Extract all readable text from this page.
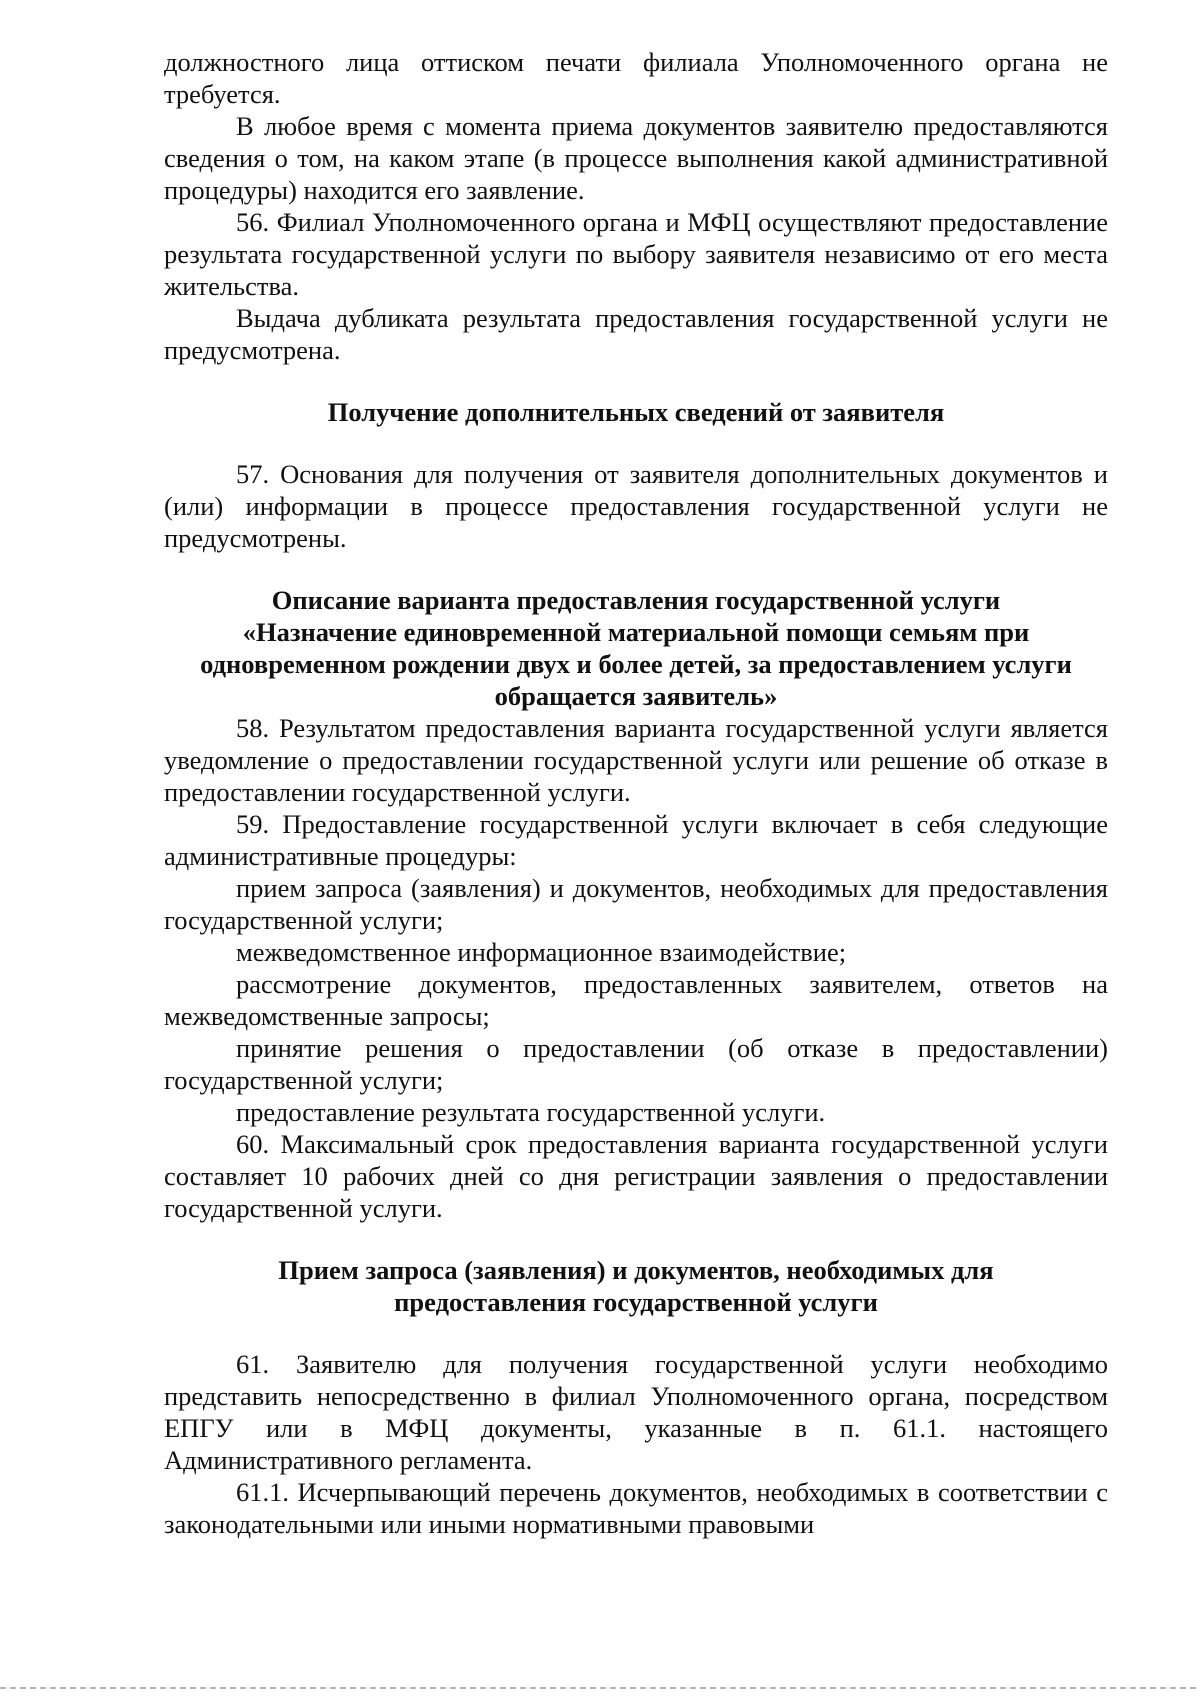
должностного лица оттиском печати филиала Уполномоченного органа не требуется.

В любое время с момента приема документов заявителю предоставляются сведения о том, на каком этапе (в процессе выполнения какой административной процедуры) находится его заявление.

56. Филиал Уполномоченного органа и МФЦ осуществляют предоставление результата государственной услуги по выбору заявителя независимо от его места жительства.

Выдача дубликата результата предоставления государственной услуги не предусмотрена.

Получение дополнительных сведений от заявителя

57. Основания для получения от заявителя дополнительных документов и (или) информации в процессе предоставления государственной услуги не предусмотрены.

Описание варианта предоставления государственной услуги
«Назначение единовременной материальной помощи семьям при
одновременном рождении двух и более детей, за предоставлением услуги
обращается заявитель»

58. Результатом предоставления варианта государственной услуги является уведомление о предоставлении государственной услуги или решение об отказе в предоставлении государственной услуги.

59. Предоставление государственной услуги включает в себя следующие административные процедуры:

прием запроса (заявления) и документов, необходимых для предоставления государственной услуги;

межведомственное информационное взаимодействие;

рассмотрение документов, предоставленных заявителем, ответов на межведомственные запросы;

принятие решения о предоставлении (об отказе в предоставлении) государственной услуги;

предоставление результата государственной услуги.

60. Максимальный срок предоставления варианта государственной услуги составляет 10 рабочих дней со дня регистрации заявления о предоставлении государственной услуги.

Прием запроса (заявления) и документов, необходимых для
предоставления государственной услуги

61. Заявителю для получения государственной услуги необходимо представить непосредственно в филиал Уполномоченного органа, посредством ЕПГУ или в МФЦ документы, указанные в п. 61.1. настоящего Административного регламента.

61.1. Исчерпывающий перечень документов, необходимых в соответствии с законодательными или иными нормативными правовыми
